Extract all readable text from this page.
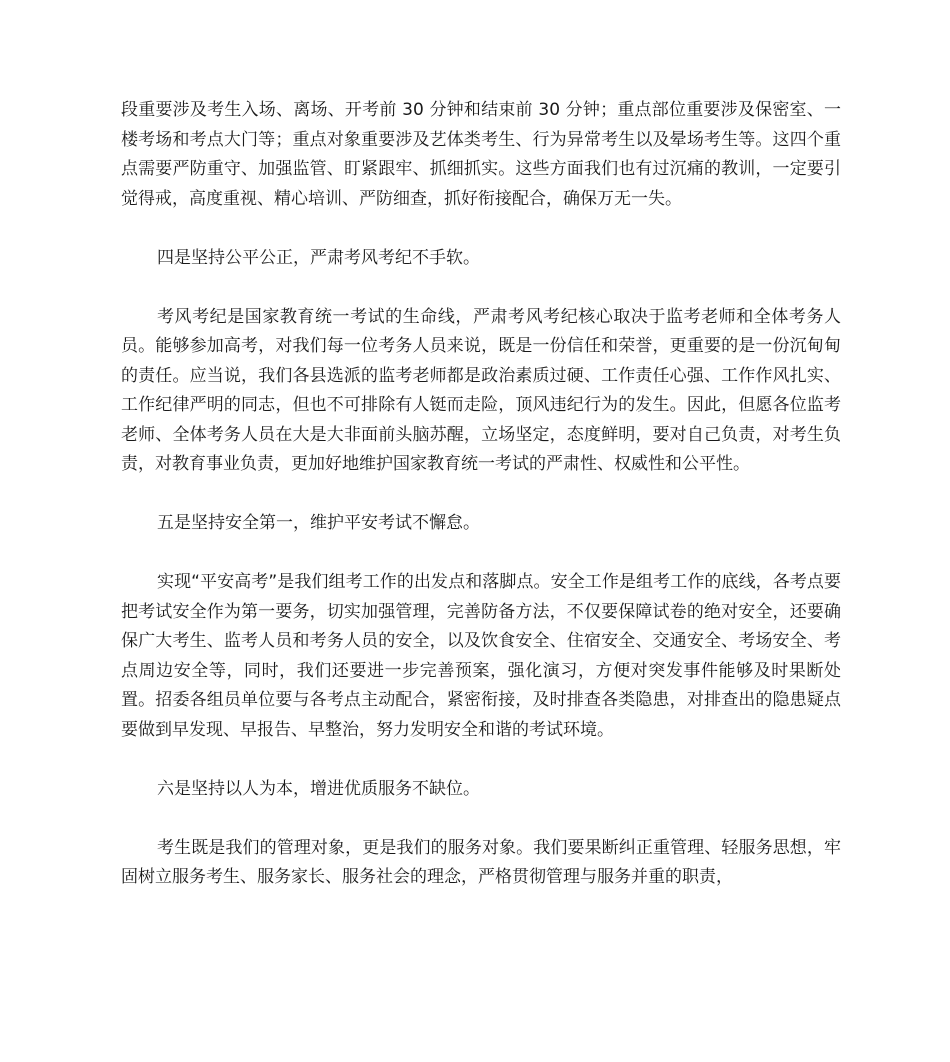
段重要涉及考生入场、离场、开考前 30 分钟和结束前 30 分钟；重点部位重要涉及保密室、一楼考场和考点大门等；重点对象重要涉及艺体类考生、行为异常考生以及晕场考生等。这四个重点需要严防重守、加强监管、盯紧跟牢、抓细抓实。这些方面我们也有过沉痛的教训，一定要引觉得戒，高度重视、精心培训、严防细查，抓好衔接配合，确保万无一失。

四是坚持公平公正，严肃考风考纪不手软。

考风考纪是国家教育统一考试的生命线，严肃考风考纪核心取决于监考老师和全体考务人员。能够参加高考，对我们每一位考务人员来说，既是一份信任和荣誉，更重要的是一份沉甸甸的责任。应当说，我们各县选派的监考老师都是政治素质过硬、工作责任心强、工作作风扎实、工作纪律严明的同志，但也不可排除有人铤而走险，顶风违纪行为的发生。因此，但愿各位监考老师、全体考务人员在大是大非面前头脑苏醒，立场坚定，态度鲜明，要对自己负责，对考生负责，对教育事业负责，更加好地维护国家教育统一考试的严肃性、权威性和公平性。

五是坚持安全第一，维护平安考试不懈怠。

实现“平安高考”是我们组考工作的出发点和落脚点。安全工作是组考工作的底线，各考点要把考试安全作为第一要务，切实加强管理，完善防备方法，不仅要保障试卷的绝对安全，还要确保广大考生、监考人员和考务人员的安全，以及饮食安全、住宿安全、交通安全、考场安全、考点周边安全等，同时，我们还要进一步完善预案，强化演习，方便对突发事件能够及时果断处置。招委各组员单位要与各考点主动配合，紧密衔接，及时排查各类隐患，对排查出的隐患疑点要做到早发现、早报告、早整治，努力发明安全和谐的考试环境。

六是坚持以人为本，增进优质服务不缺位。

考生既是我们的管理对象，更是我们的服务对象。我们要果断纠正重管理、轻服务思想，牢固树立服务考生、服务家长、服务社会的理念，严格贯彻管理与服务并重的职责，
